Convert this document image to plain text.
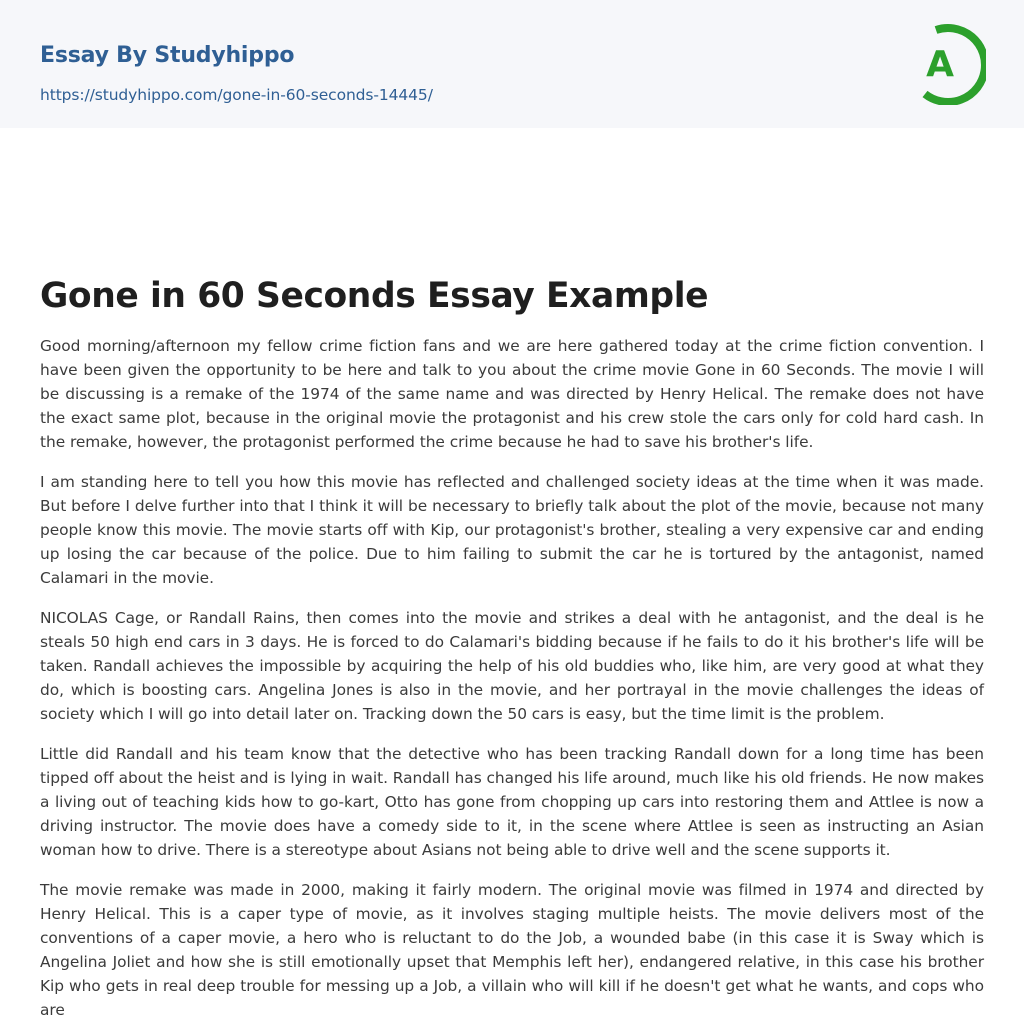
Essay By Studyhippo
https://studyhippo.com/gone-in-60-seconds-14445/
A
Gone in 60 Seconds Essay Example

Good morning/afternoon my fellow crime fiction fans and we are here gathered today at the crime fiction convention. I have been given the opportunity to be here and talk to you about the crime movie Gone in 60 Seconds. The movie I will be discussing is a remake of the 1974 of the same name and was directed by Henry Helical. The remake does not have the exact same plot, because in the original movie the protagonist and his crew stole the cars only for cold hard cash. In the remake, however, the protagonist performed the crime because he had to save his brother's life.

I am standing here to tell you how this movie has reflected and challenged society ideas at the time when it was made. But before I delve further into that I think it will be necessary to briefly talk about the plot of the movie, because not many people know this movie. The movie starts off with Kip, our protagonist's brother, stealing a very expensive car and ending up losing the car because of the police. Due to him failing to submit the car he is tortured by the antagonist, named Calamari in the movie.

NICOLAS Cage, or Randall Rains, then comes into the movie and strikes a deal with he antagonist, and the deal is he steals 50 high end cars in 3 days. He is forced to do Calamari's bidding because if he fails to do it his brother's life will be taken. Randall achieves the impossible by acquiring the help of his old buddies who, like him, are very good at what they do, which is boosting cars. Angelina Jones is also in the movie, and her portrayal in the movie challenges the ideas of society which I will go into detail later on. Tracking down the 50 cars is easy, but the time limit is the problem.

Little did Randall and his team know that the detective who has been tracking Randall down for a long time has been tipped off about the heist and is lying in wait. Randall has changed his life around, much like his old friends. He now makes a living out of teaching kids how to go-kart, Otto has gone from chopping up cars into restoring them and Attlee is now a driving instructor. The movie does have a comedy side to it, in the scene where Attlee is seen as instructing an Asian woman how to drive. There is a stereotype about Asians not being able to drive well and the scene supports it.

The movie remake was made in 2000, making it fairly modern. The original movie was filmed in 1974 and directed by Henry Helical. This is a caper type of movie, as it involves staging multiple heists. The movie delivers most of the conventions of a caper movie, a hero who is reluctant to do the Job, a wounded babe (in this case it is Sway which is Angelina Joliet and how she is still emotionally upset that Memphis left her), endangered relative, in this case his brother Kip who gets in real deep trouble for messing up a Job, a villain who will kill if he doesn't get what he wants, and cops who are
